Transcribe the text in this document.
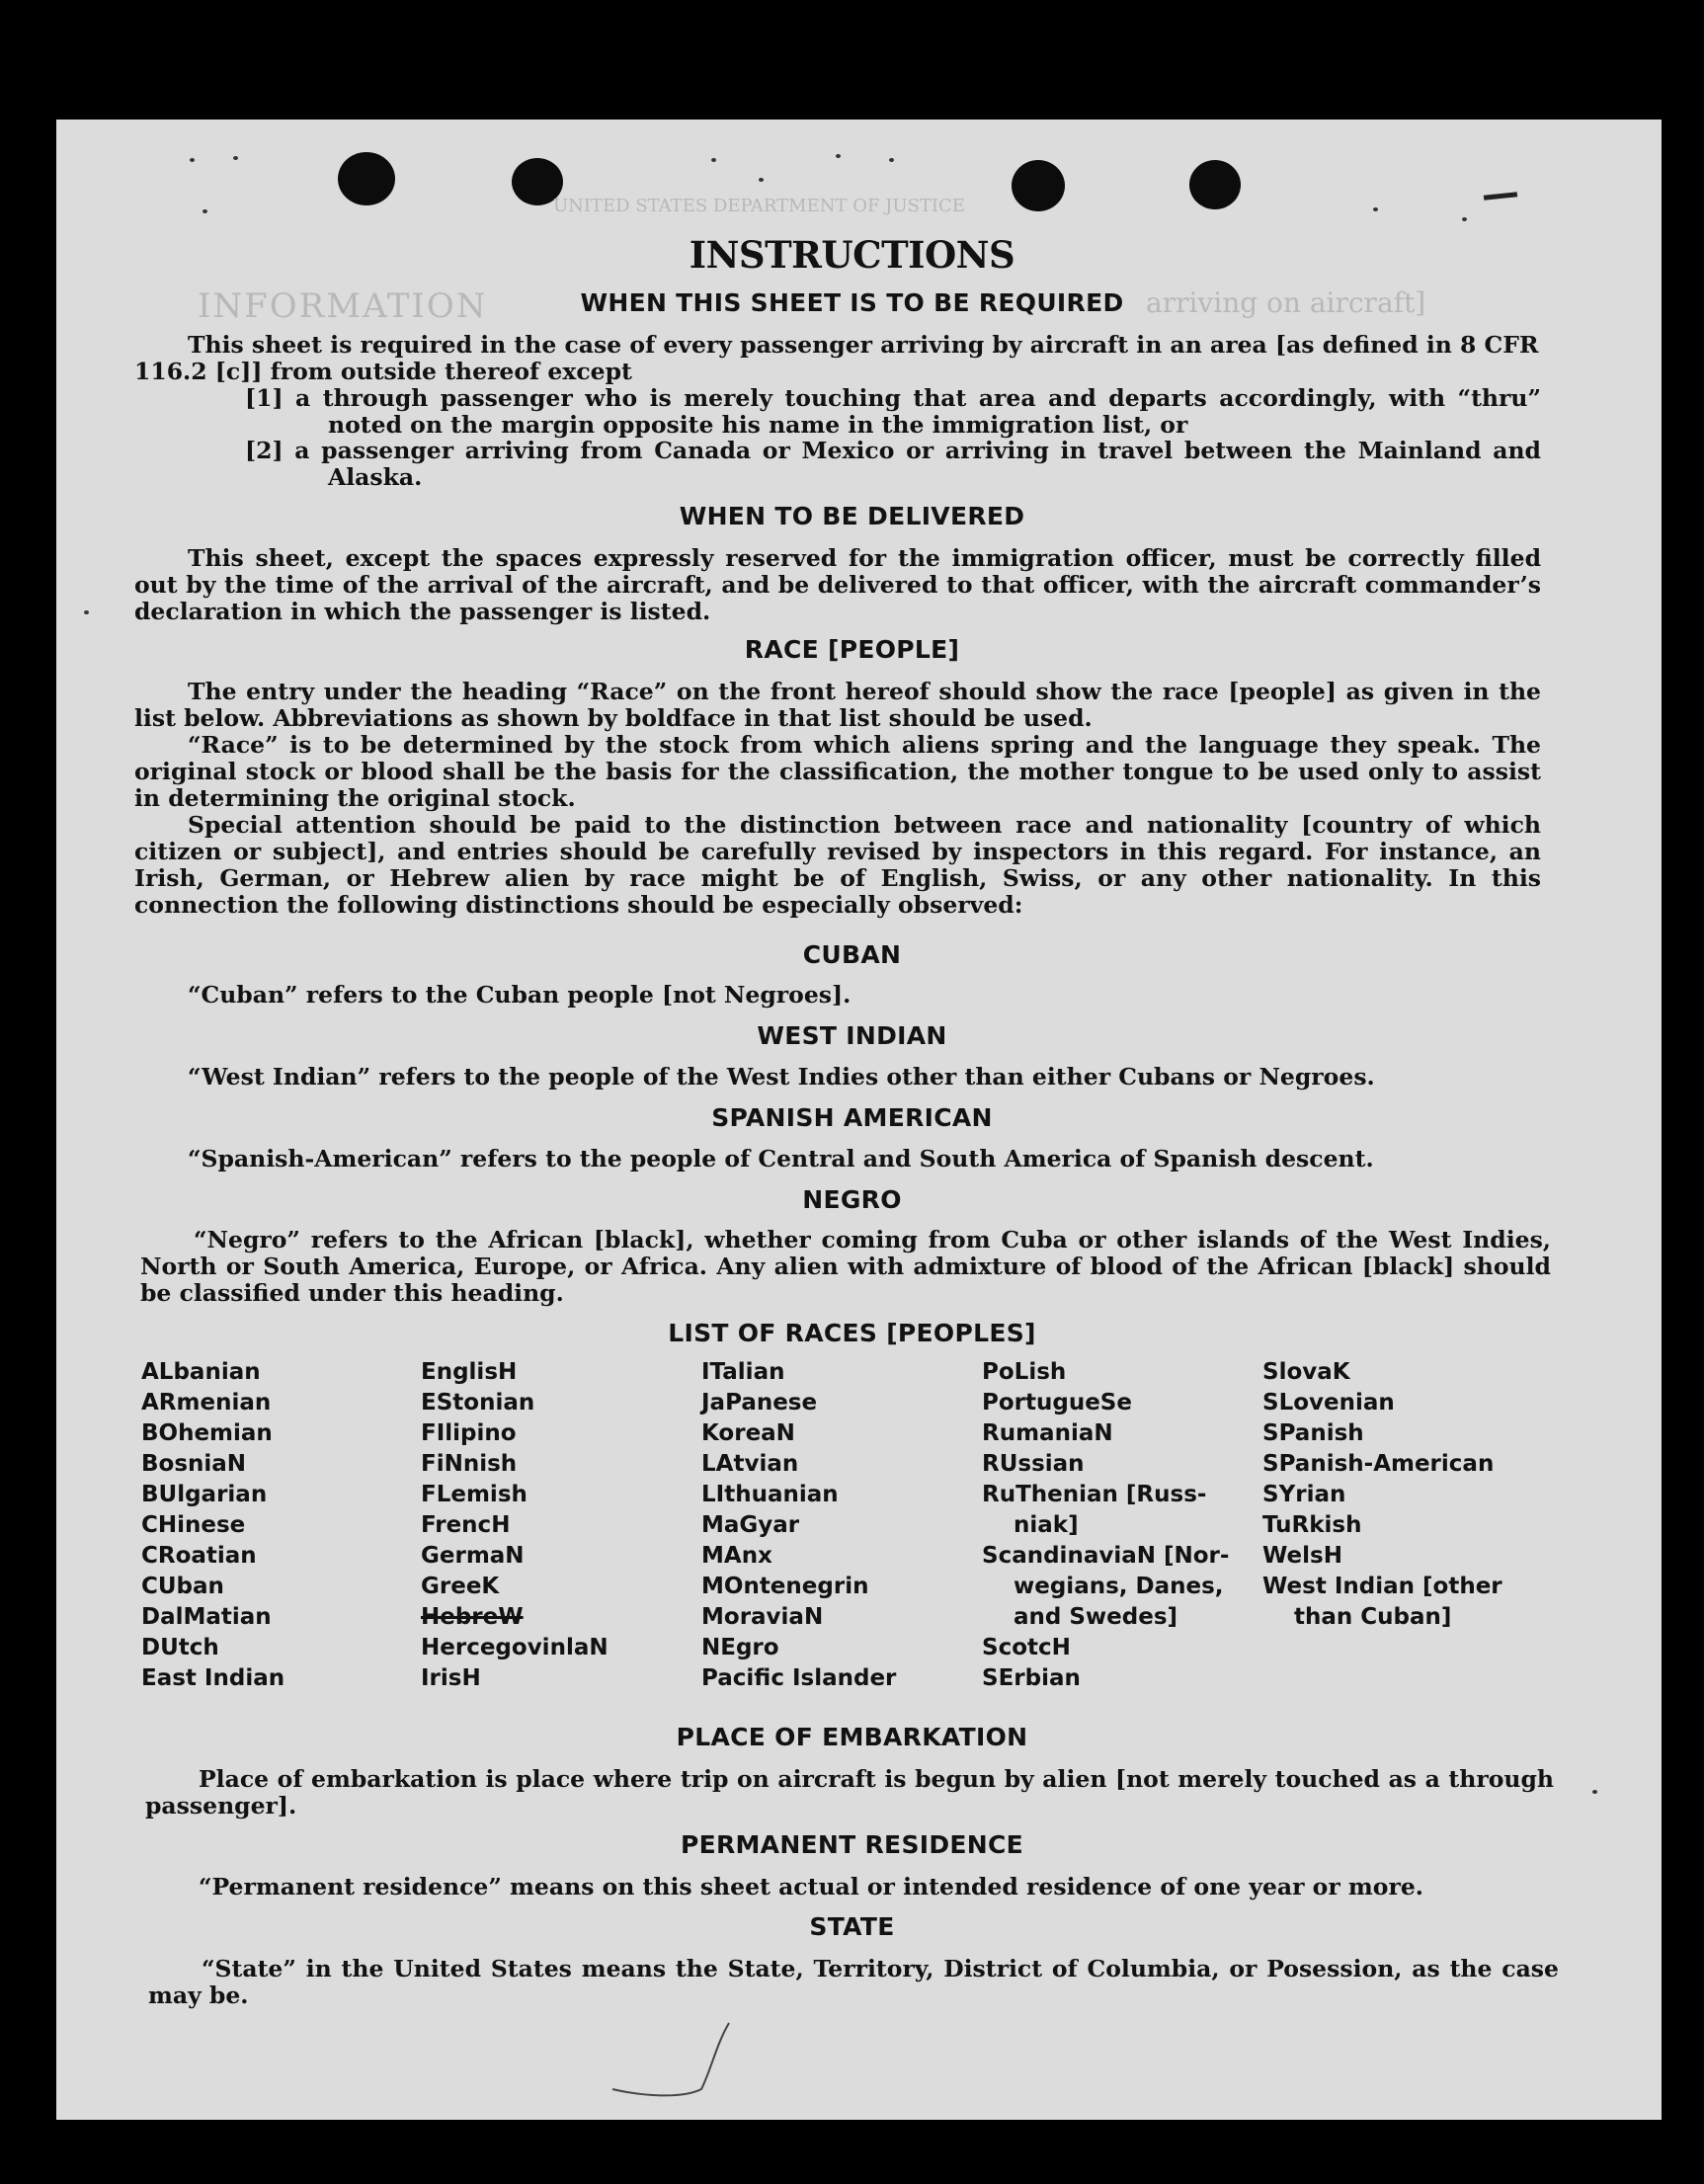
UNITED STATES DEPARTMENT OF JUSTICE
INFORMATION	arriving on aircraft]
INSTRUCTIONS
WHEN THIS SHEET IS TO BE REQUIRED

This sheet is required in the case of every passenger arriving by aircraft in an area [as defined in 8 CFR

116.2 [c]] from outside thereof except

[1] a through passenger who is merely touching that area and departs accordingly, with “thru” noted on the margin opposite his name in the immigration list, or

[2] a passenger arriving from Canada or Mexico or arriving in travel between the Mainland and Alaska.

WHEN TO BE DELIVERED

This sheet, except the spaces expressly reserved for the immigration officer, must be correctly filled out by the time of the arrival of the aircraft, and be delivered to that officer, with the aircraft commander’s declaration in which the passenger is listed.

RACE [PEOPLE]

The entry under the heading “Race” on the front hereof should show the race [people] as given in the list below. Abbreviations as shown by boldface in that list should be used.

“Race” is to be determined by the stock from which aliens spring and the language they speak. The original stock or blood shall be the basis for the classification, the mother tongue to be used only to assist in determining the original stock.

Special attention should be paid to the distinction between race and nationality [country of which citizen or subject], and entries should be carefully revised by inspectors in this regard. For instance, an Irish, German, or Hebrew alien by race might be of English, Swiss, or any other nationality. In this connection the following distinctions should be especially observed:

CUBAN

“Cuban” refers to the Cuban people [not Negroes].

WEST INDIAN

“West Indian” refers to the people of the West Indies other than either Cubans or Negroes.

SPANISH AMERICAN

“Spanish-American” refers to the people of Central and South America of Spanish descent.

NEGRO

“Negro” refers to the African [black], whether coming from Cuba or other islands of the West Indies, North or South America, Europe, or Africa. Any alien with admixture of blood of the African [black] should be classified under this heading.

LIST OF RACES [PEOPLES]
ALbanian
ARmenian
BOhemian
BosniaN
BUlgarian
CHinese
CRoatian
CUban
DalMatian
DUtch
East Indian
EnglisH
EStonian
FIlipino
FiNnish
FLemish
FrencH
GermaN
GreeK
HebreW
HercegovinlaN
IrisH
ITalian
JaPanese
KoreaN
LAtvian
LIthuanian
MaGyar
MAnx
MOntenegrin
MoraviaN
NEgro
Pacific Islander
PoLish
PortugueSe
RumaniaN
RUssian
RuThenian [Russ-
niak]
ScandinaviaN [Nor-
wegians, Danes,
and Swedes]
ScotcH
SErbian
SlovaK
SLovenian
SPanish
SPanish-American
SYrian
TuRkish
WelsH
West Indian [other
than Cuban]
PLACE OF EMBARKATION

Place of embarkation is place where trip on aircraft is begun by alien [not merely touched as a through passenger].

PERMANENT RESIDENCE

“Permanent residence” means on this sheet actual or intended residence of one year or more.

STATE

“State” in the United States means the State, Territory, District of Columbia, or Posession, as the case may be.
